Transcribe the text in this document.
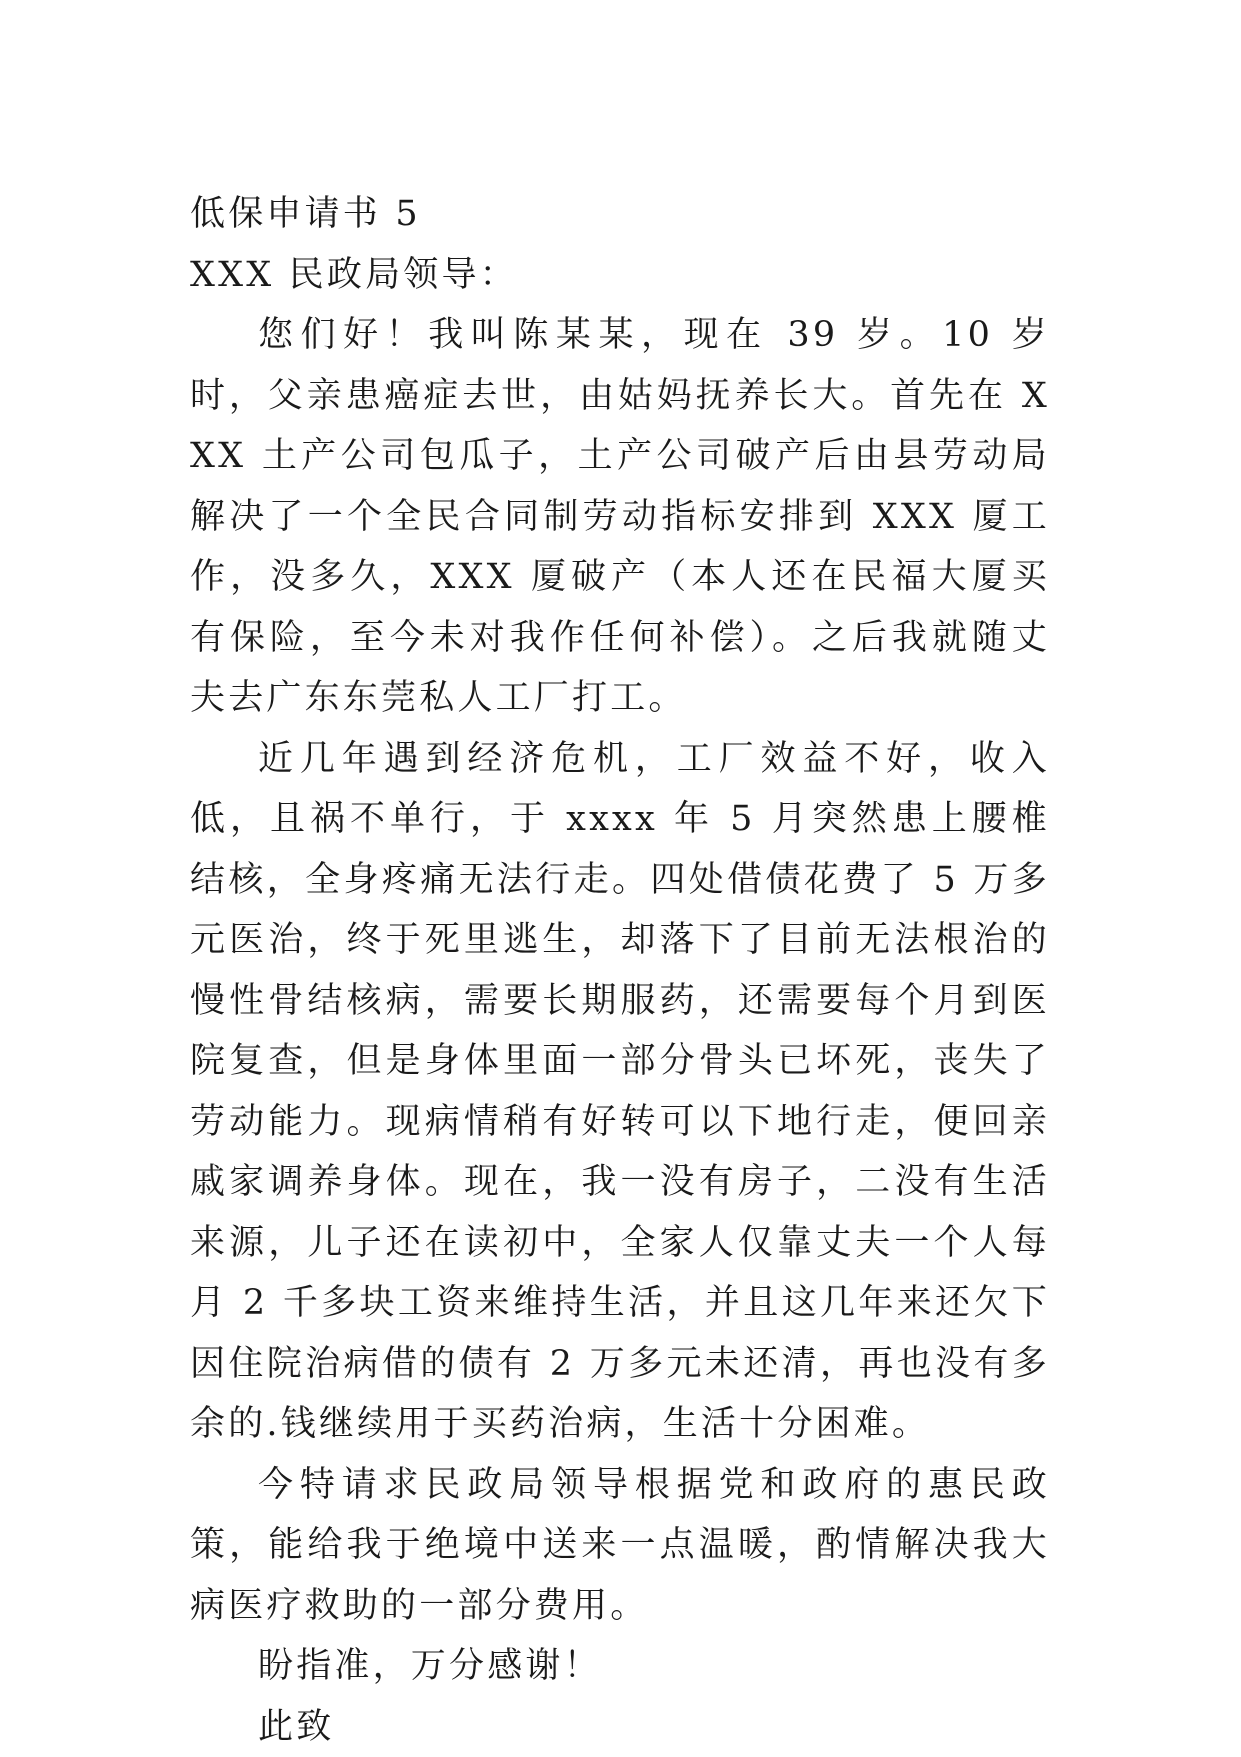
低保申请书 5

XXX 民政局领导：

您们好！我叫陈某某，现在 39 岁。10 岁时，父亲患癌症去世，由姑妈抚养长大。首先在 XXX 土产公司包瓜子，土产公司破产后由县劳动局解决了一个全民合同制劳动指标安排到 XXX 厦工作，没多久，XXX 厦破产（本人还在民福大厦买有保险，至今未对我作任何补偿）。之后我就随丈夫去广东东莞私人工厂打工。

近几年遇到经济危机，工厂效益不好，收入低，且祸不单行，于 xxxx 年 5 月突然患上腰椎结核，全身疼痛无法行走。四处借债花费了 5 万多元医治，终于死里逃生，却落下了目前无法根治的慢性骨结核病，需要长期服药，还需要每个月到医院复查，但是身体里面一部分骨头已坏死，丧失了劳动能力。现病情稍有好转可以下地行走，便回亲戚家调养身体。现在，我一没有房子，二没有生活来源，儿子还在读初中，全家人仅靠丈夫一个人每月 2 千多块工资来维持生活，并且这几年来还欠下因住院治病借的债有 2 万多元未还清，再也没有多余的.钱继续用于买药治病，生活十分困难。

今特请求民政局领导根据党和政府的惠民政策，能给我于绝境中送来一点温暖，酌情解决我大病医疗救助的一部分费用。

盼指准，万分感谢！

此致
